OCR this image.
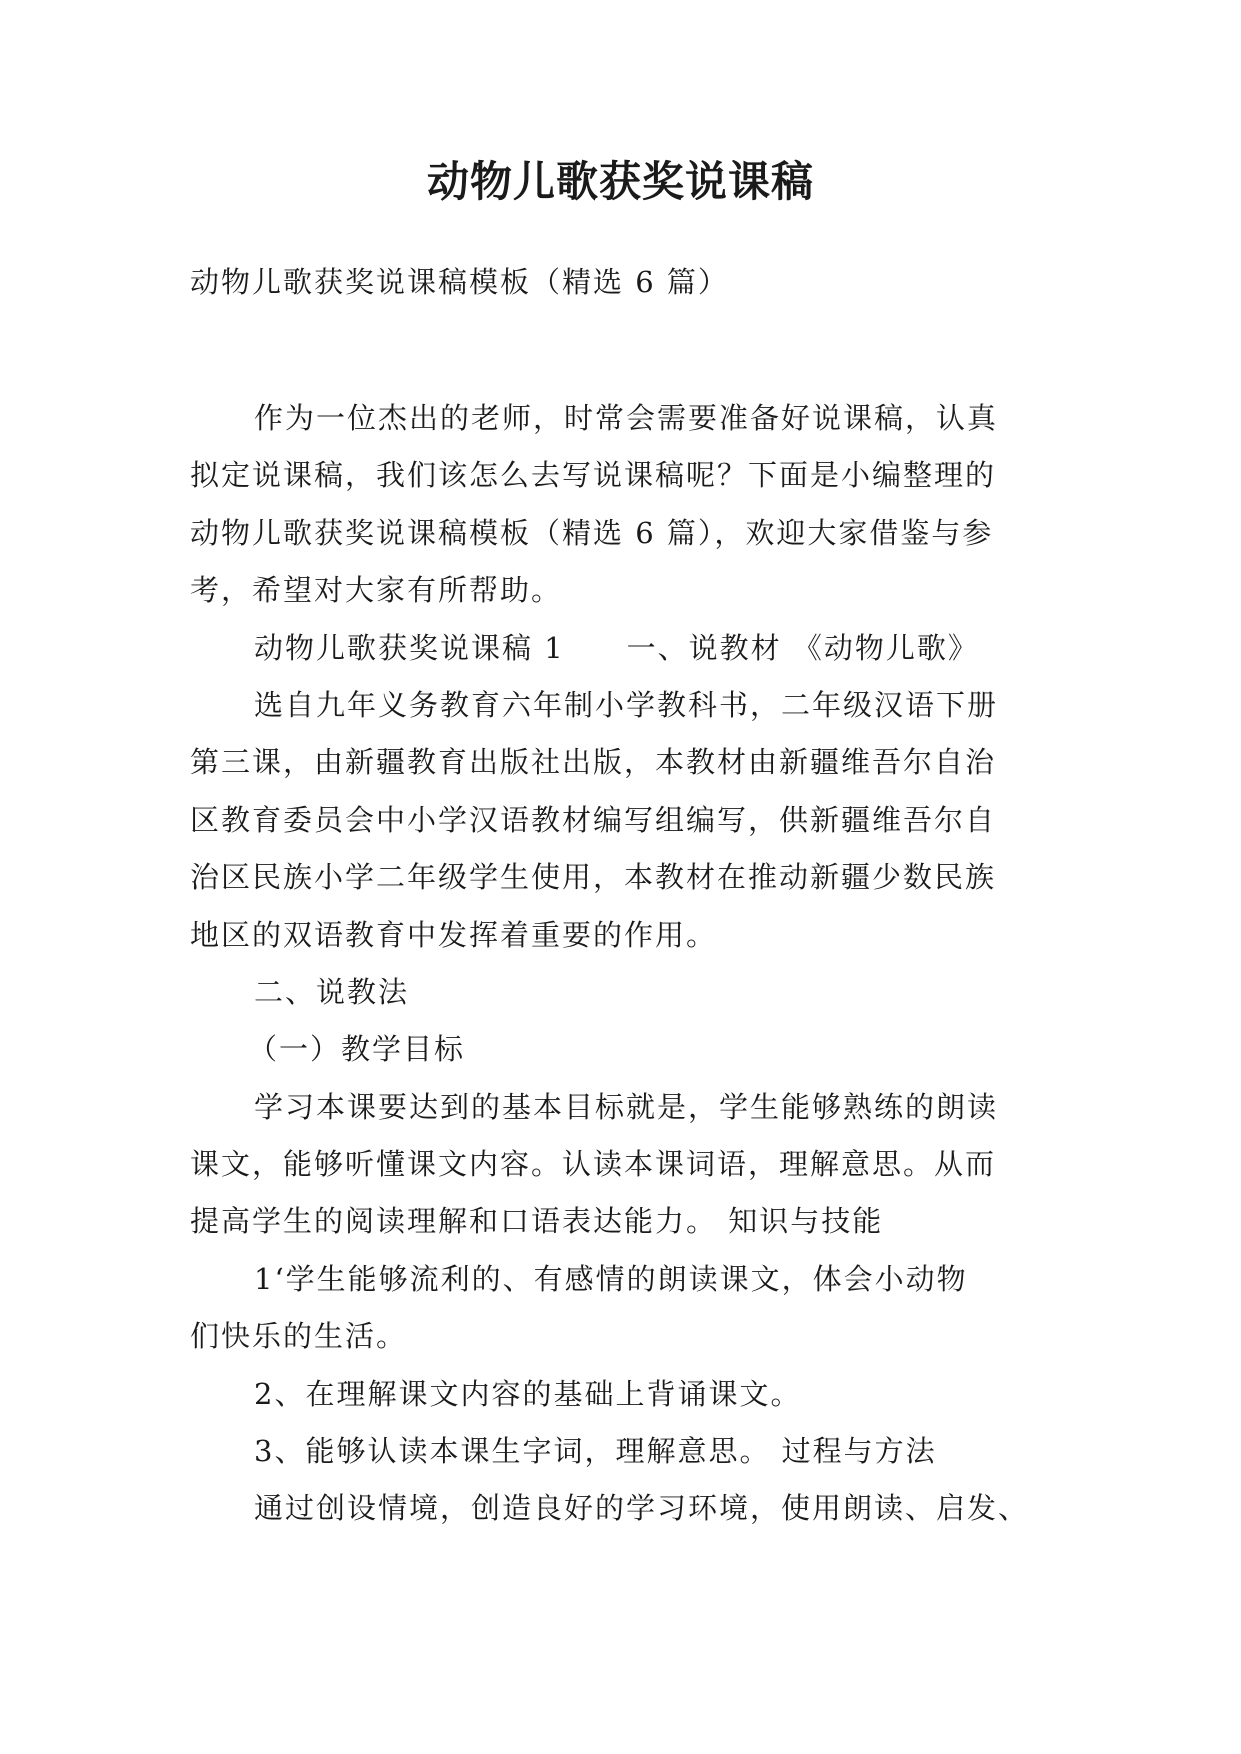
动物儿歌获奖说课稿
动物儿歌获奖说课稿模板（精选 6 篇）
作为一位杰出的老师，时常会需要准备好说课稿，认真
拟定说课稿，我们该怎么去写说课稿呢？下面是小编整理的
动物儿歌获奖说课稿模板（精选 6 篇），欢迎大家借鉴与参
考，希望对大家有所帮助。
动物儿歌获奖说课稿 1　　一、说教材 《动物儿歌》
选自九年义务教育六年制小学教科书，二年级汉语下册
第三课，由新疆教育出版社出版，本教材由新疆维吾尔自治
区教育委员会中小学汉语教材编写组编写，供新疆维吾尔自
治区民族小学二年级学生使用，本教材在推动新疆少数民族
地区的双语教育中发挥着重要的作用。
二、说教法
（一）教学目标
学习本课要达到的基本目标就是，学生能够熟练的朗读
课文，能够听懂课文内容。认读本课词语，理解意思。从而
提高学生的阅读理解和口语表达能力。 知识与技能
1‘学生能够流利的、有感情的朗读课文，体会小动物
们快乐的生活。
2、在理解课文内容的基础上背诵课文。
3、能够认读本课生字词，理解意思。 过程与方法
通过创设情境，创造良好的学习环境，使用朗读、启发、
